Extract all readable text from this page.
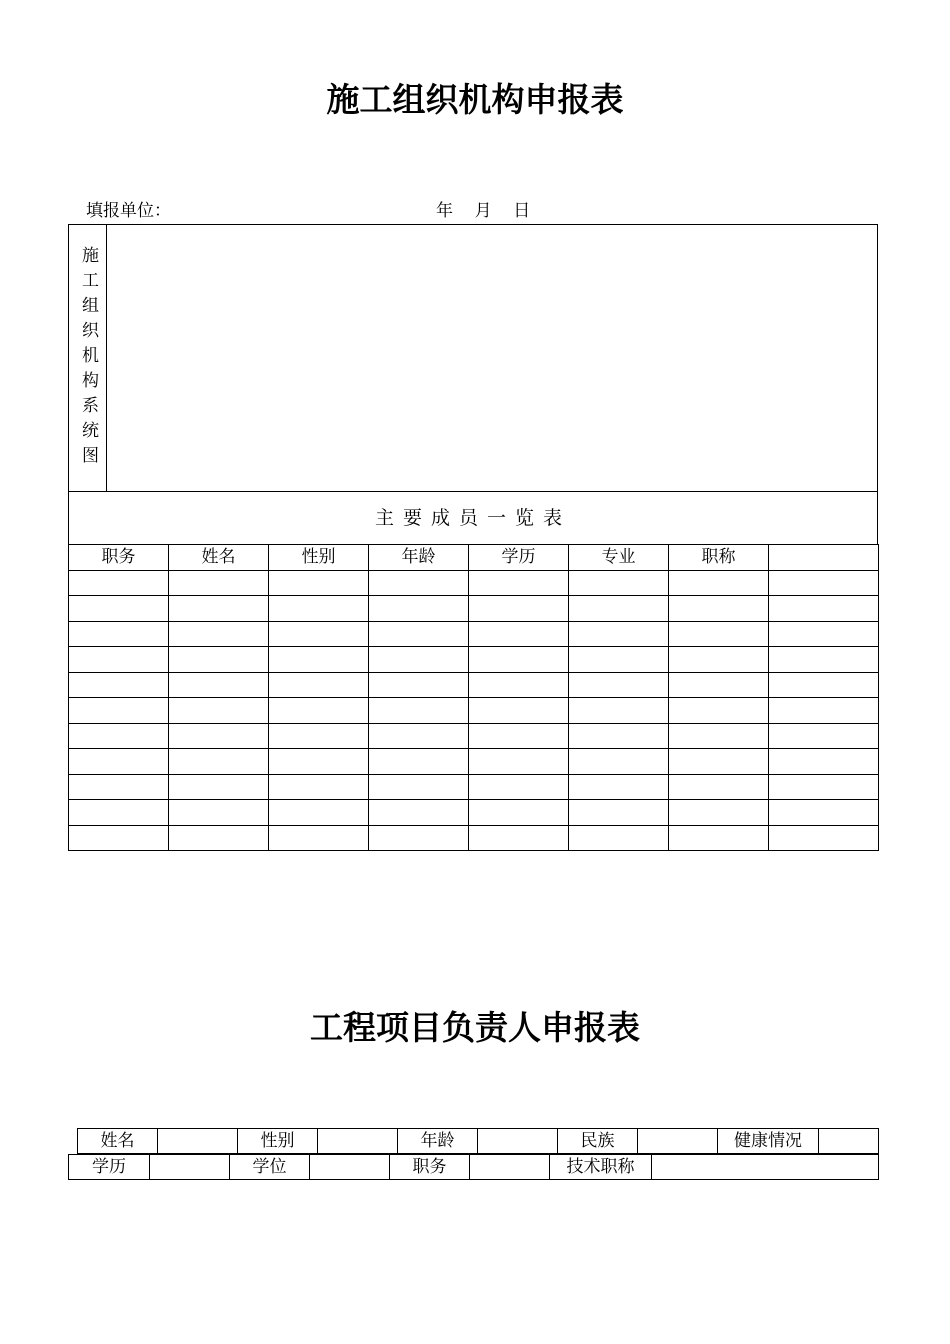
施工组织机构申报表
填报单位：	年    月    日
施工组织机构系统图
主要成员一览表
职务	姓名	性别	年龄	学历	专业	职称	

工程项目负责人申报表
姓名		性别		年龄		民族		健康情况	
学历		学位		职务		技术职称	
